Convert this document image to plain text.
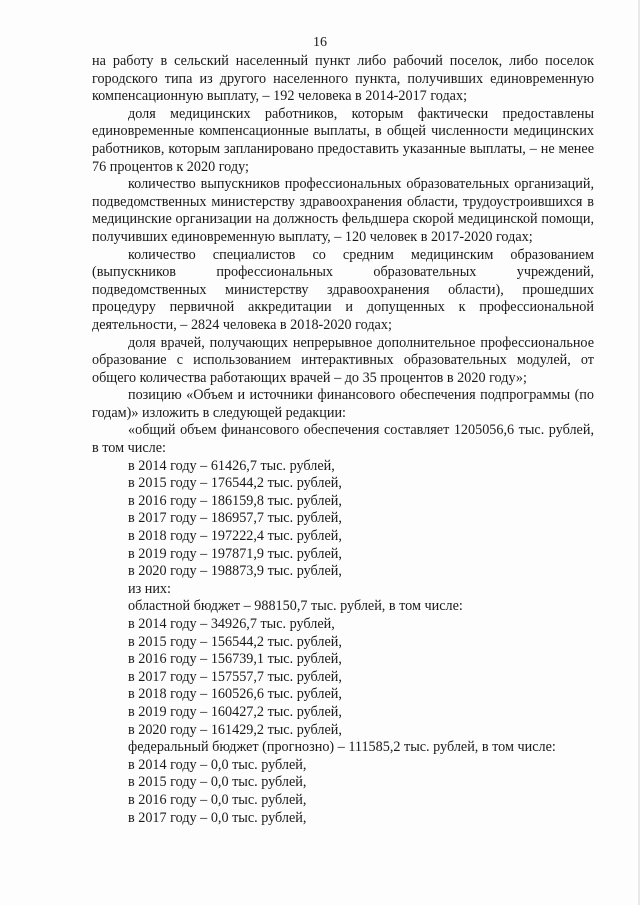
16

на работу в сельский населенный пункт либо рабочий поселок, либо поселок городского типа из другого населенного пункта, получивших единовременную компенсационную выплату, – 192 человека в 2014-2017 годах;

доля медицинских работников, которым фактически предоставлены единовременные компенсационные выплаты, в общей численности медицинских работников, которым запланировано предоставить указанные выплаты, – не менее 76 процентов к 2020 году;

количество выпускников профессиональных образовательных организаций, подведомственных министерству здравоохранения области, трудоустроившихся в медицинские организации на должность фельдшера скорой медицинской помощи, получивших единовременную выплату, – 120 человек в 2017-2020 годах;

количество специалистов со средним медицинским образованием (выпускников профессиональных образовательных учреждений, подведомственных министерству здравоохранения области), прошедших процедуру первичной аккредитации и допущенных к профессиональной деятельности, – 2824 человека в 2018-2020 годах;

доля врачей, получающих непрерывное дополнительное профессиональное образование с использованием интерактивных образовательных модулей, от общего количества работающих врачей – до 35 процентов в 2020 году»;

позицию «Объем и источники финансового обеспечения подпрограммы (по годам)» изложить в следующей редакции:

«общий объем финансового обеспечения составляет 1205056,6 тыс. рублей, в том числе:

в 2014 году – 61426,7 тыс. рублей,

в 2015 году – 176544,2 тыс. рублей,

в 2016 году – 186159,8 тыс. рублей,

в 2017 году – 186957,7 тыс. рублей,

в 2018 году – 197222,4 тыс. рублей,

в 2019 году – 197871,9 тыс. рублей,

в 2020 году – 198873,9 тыс. рублей,

из них:

областной бюджет – 988150,7 тыс. рублей, в том числе:

в 2014 году – 34926,7 тыс. рублей,

в 2015 году – 156544,2 тыс. рублей,

в 2016 году – 156739,1 тыс. рублей,

в 2017 году – 157557,7 тыс. рублей,

в 2018 году – 160526,6 тыс. рублей,

в 2019 году – 160427,2 тыс. рублей,

в 2020 году – 161429,2 тыс. рублей,

федеральный бюджет (прогнозно) – 111585,2 тыс. рублей, в том числе:

в 2014 году – 0,0 тыс. рублей,

в 2015 году – 0,0 тыс. рублей,

в 2016 году – 0,0 тыс. рублей,

в 2017 году – 0,0 тыс. рублей,
